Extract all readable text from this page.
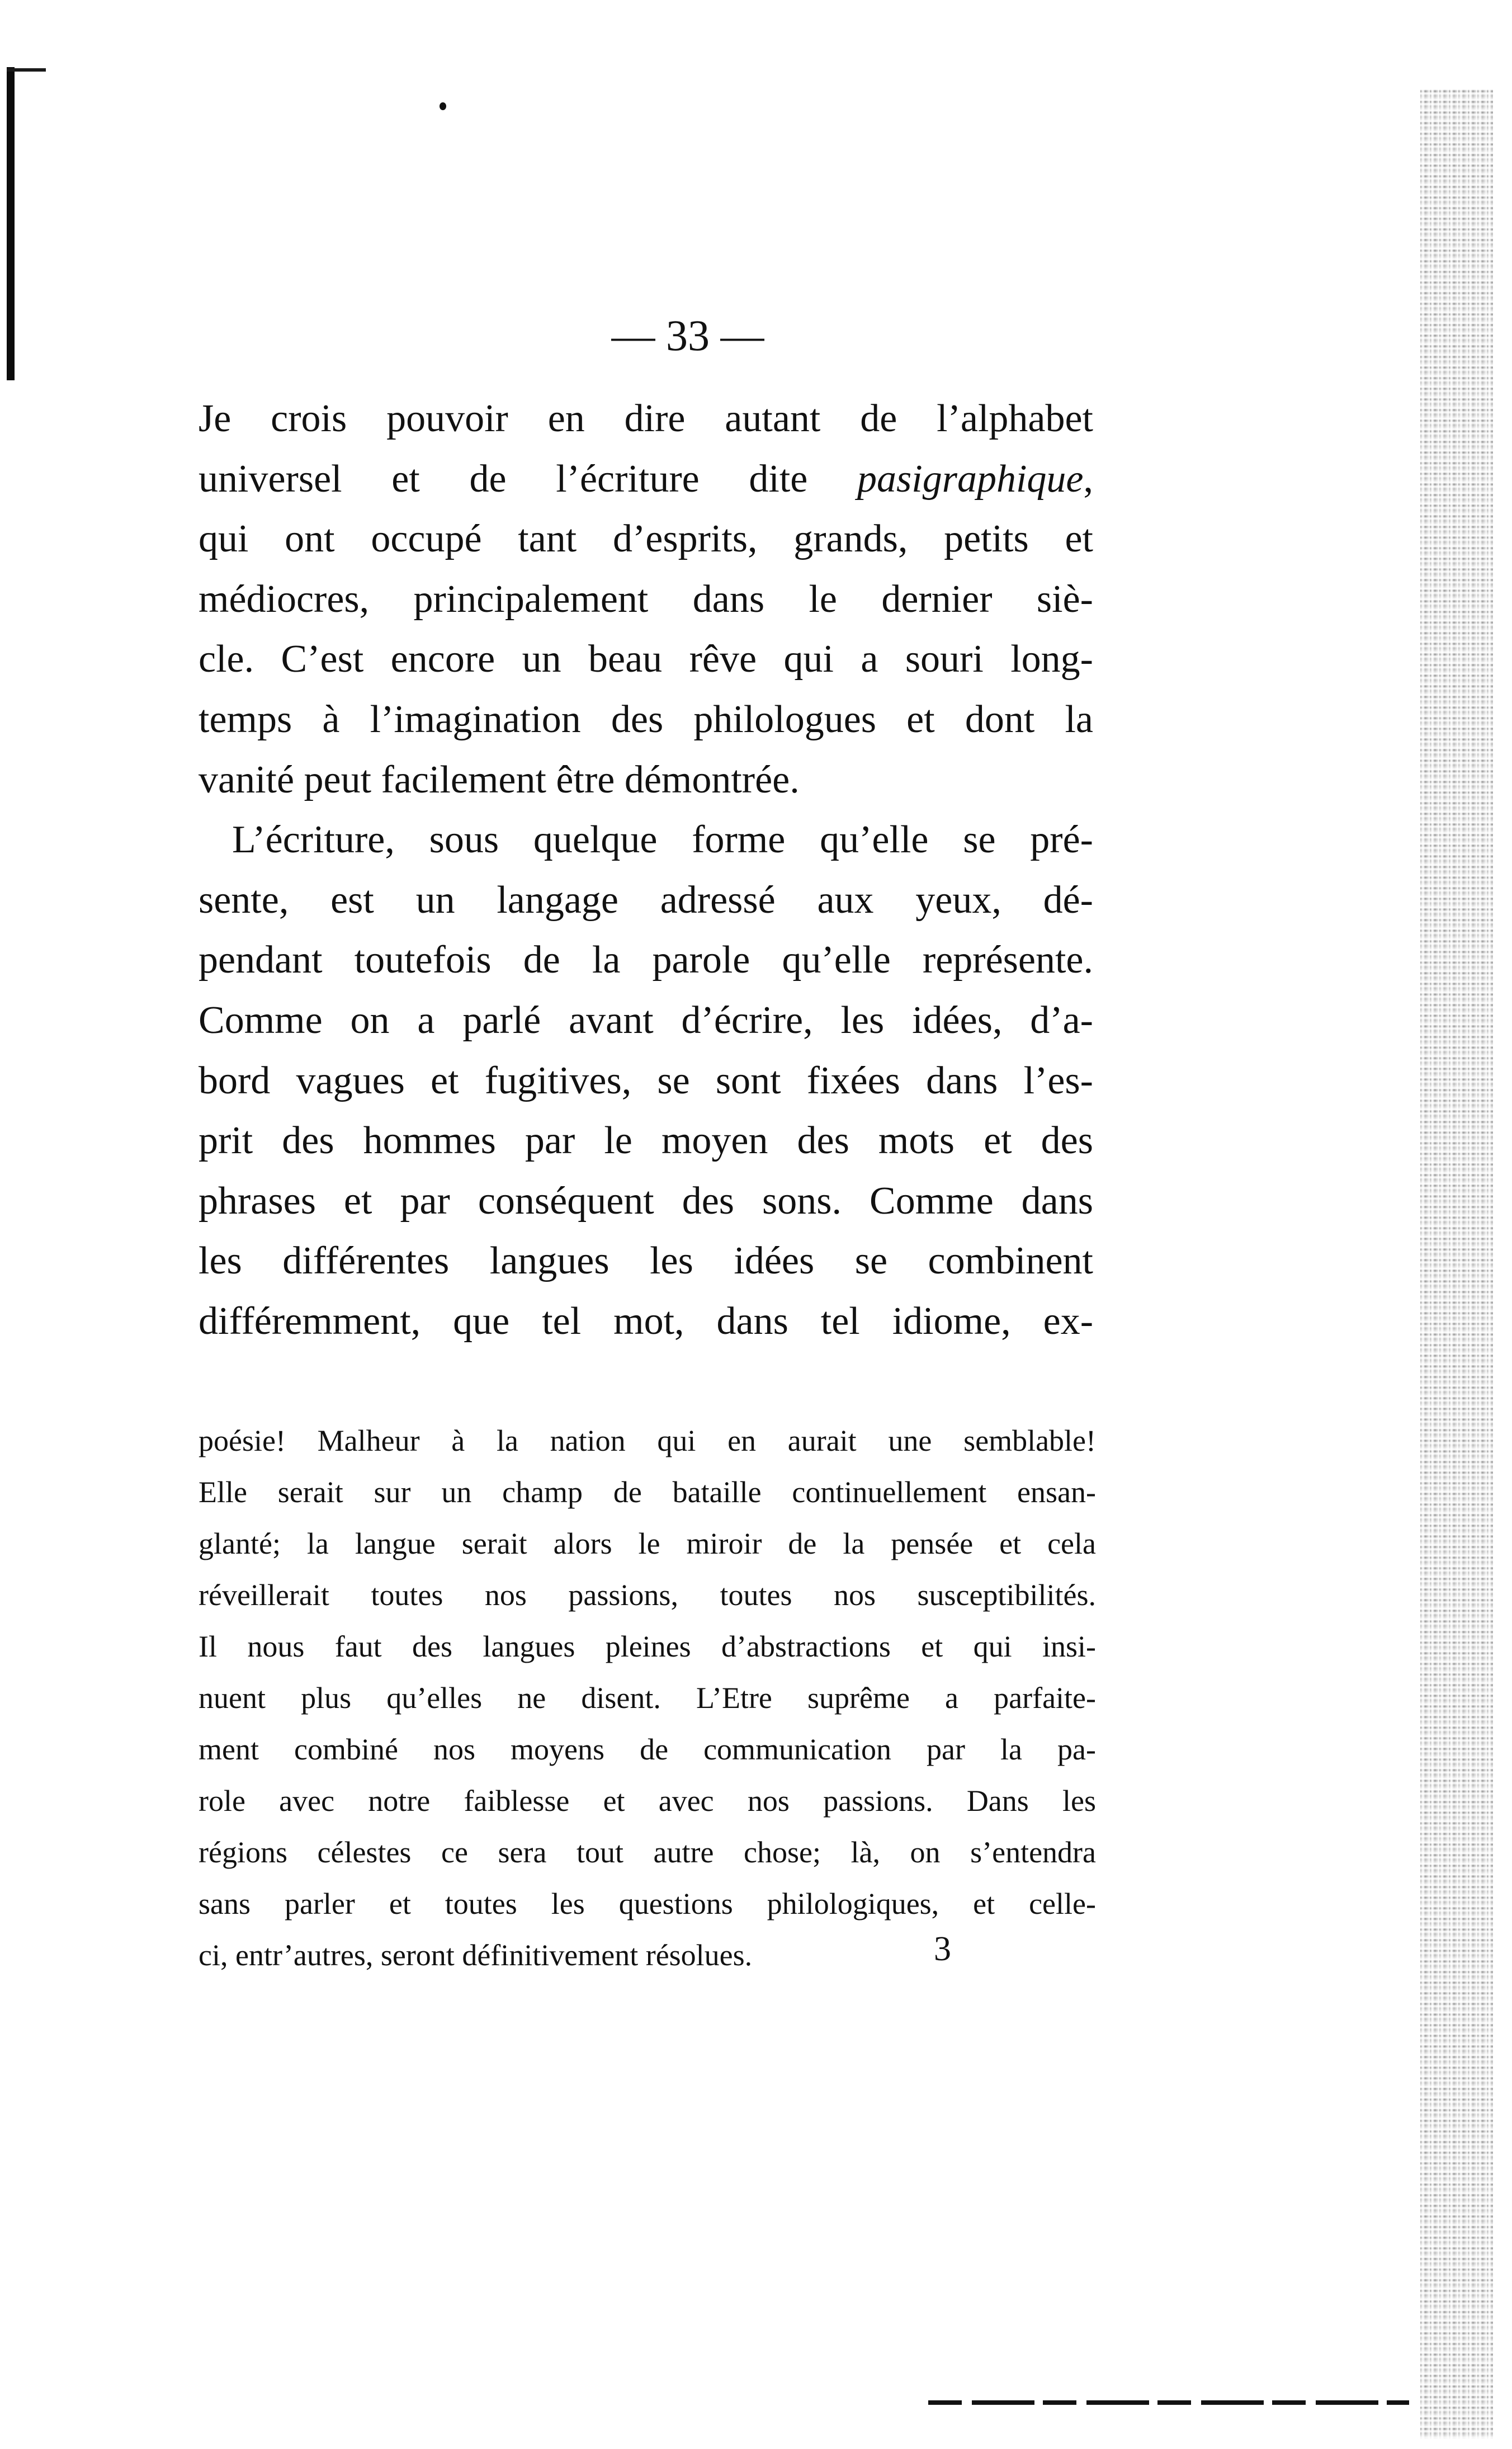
— 33 —
Je crois pouvoir en dire autant de l’alphabet
universel et de l’écriture dite pasigraphique,
qui ont occupé tant d’esprits, grands, petits et
médiocres, principalement dans le dernier siè-
cle. C’est encore un beau rêve qui a souri long-
temps à l’imagination des philologues et dont la
vanité peut facilement être démontrée.
L’écriture, sous quelque forme qu’elle se pré-
sente, est un langage adressé aux yeux, dé-
pendant toutefois de la parole qu’elle représente.
Comme on a parlé avant d’écrire, les idées, d’a-
bord vagues et fugitives, se sont fixées dans l’es-
prit des hommes par le moyen des mots et des
phrases et par conséquent des sons. Comme dans
les différentes langues les idées se combinent
différemment, que tel mot, dans tel idiome, ex-
poésie! Malheur à la nation qui en aurait une semblable!
Elle serait sur un champ de bataille continuellement ensan-
glanté; la langue serait alors le miroir de la pensée et cela
réveillerait toutes nos passions, toutes nos susceptibilités.
Il nous faut des langues pleines d’abstractions et qui insi-
nuent plus qu’elles ne disent. L’Etre suprême a parfaite-
ment combiné nos moyens de communication par la pa-
role avec notre faiblesse et avec nos passions. Dans les
régions célestes ce sera tout autre chose; là, on s’entendra
sans parler et toutes les questions philologiques, et celle-
ci, entr’autres, seront définitivement résolues.	3
